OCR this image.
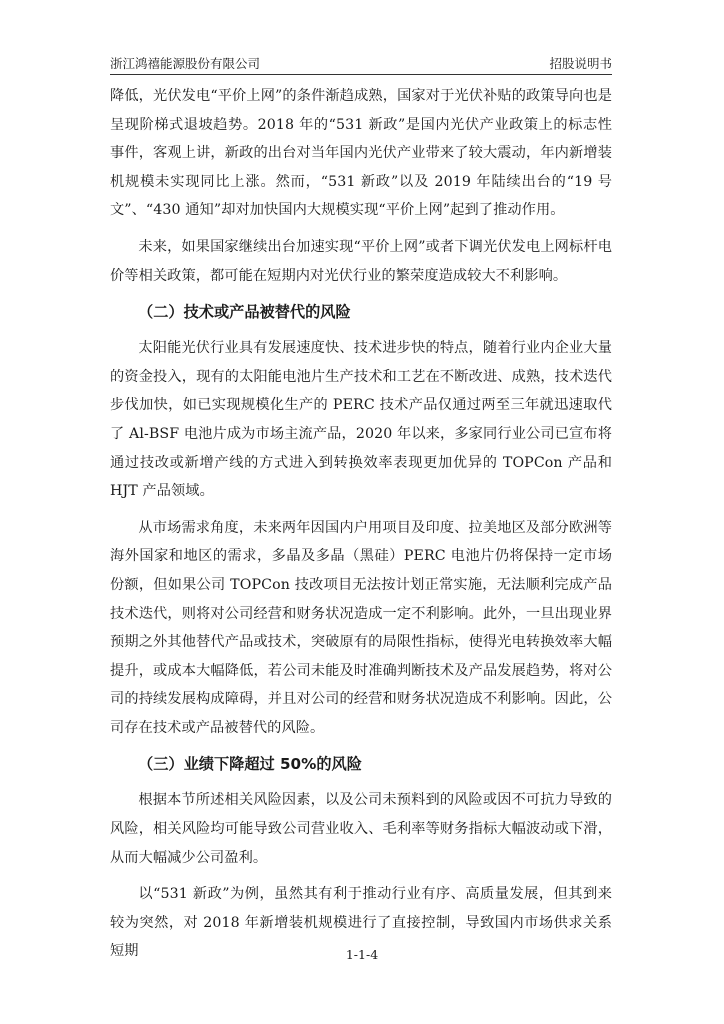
浙江鸿禧能源股份有限公司	招股说明书

降低，光伏发电“平价上网”的条件渐趋成熟，国家对于光伏补贴的政策导向也是呈现阶梯式退坡趋势。2018 年的“531 新政”是国内光伏产业政策上的标志性事件，客观上讲，新政的出台对当年国内光伏产业带来了较大震动，年内新增装机规模未实现同比上涨。然而，“531 新政”以及 2019 年陆续出台的“19 号文”、“430 通知”却对加快国内大规模实现“平价上网”起到了推动作用。

未来，如果国家继续出台加速实现“平价上网”或者下调光伏发电上网标杆电价等相关政策，都可能在短期内对光伏行业的繁荣度造成较大不利影响。

（二）技术或产品被替代的风险

太阳能光伏行业具有发展速度快、技术进步快的特点，随着行业内企业大量的资金投入，现有的太阳能电池片生产技术和工艺在不断改进、成熟，技术迭代步伐加快，如已实现规模化生产的 PERC 技术产品仅通过两至三年就迅速取代了 Al-BSF 电池片成为市场主流产品，2020 年以来，多家同行业公司已宣布将通过技改或新增产线的方式进入到转换效率表现更加优异的 TOPCon 产品和 HJT 产品领域。

从市场需求角度，未来两年因国内户用项目及印度、拉美地区及部分欧洲等海外国家和地区的需求，多晶及多晶（黑硅）PERC 电池片仍将保持一定市场份额，但如果公司 TOPCon 技改项目无法按计划正常实施，无法顺利完成产品技术迭代，则将对公司经营和财务状况造成一定不利影响。此外，一旦出现业界预期之外其他替代产品或技术，突破原有的局限性指标，使得光电转换效率大幅提升，或成本大幅降低，若公司未能及时准确判断技术及产品发展趋势，将对公司的持续发展构成障碍，并且对公司的经营和财务状况造成不利影响。因此，公司存在技术或产品被替代的风险。

（三）业绩下降超过 50%的风险

根据本节所述相关风险因素，以及公司未预料到的风险或因不可抗力导致的风险，相关风险均可能导致公司营业收入、毛利率等财务指标大幅波动或下滑，从而大幅减少公司盈利。

以“531 新政”为例，虽然其有利于推动行业有序、高质量发展，但其到来较为突然，对 2018 年新增装机规模进行了直接控制，导致国内市场供求关系短期	1-1-4
